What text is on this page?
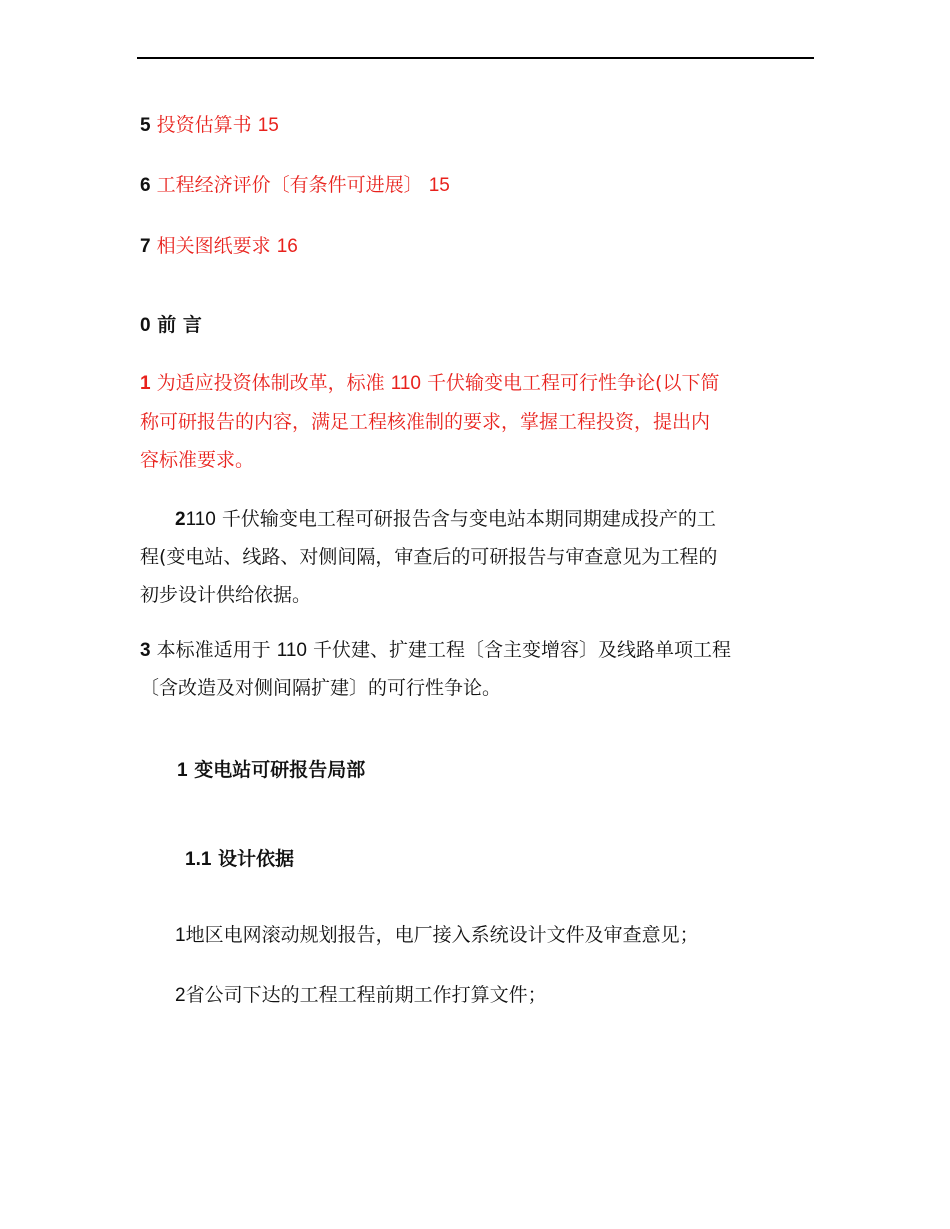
5 投资估算书 15
6 工程经济评价〔有条件可进展〕 15
7 相关图纸要求 16
0 前 言
1 为适应投资体制改革，标准 110 千伏输变电工程可行性争论(以下简
称可研报告的内容，满足工程核准制的要求，掌握工程投资，提出内
容标准要求。
2110 千伏输变电工程可研报告含与变电站本期同期建成投产的工
程(变电站、线路、对侧间隔，审查后的可研报告与审查意见为工程的
初步设计供给依据。
3 本标准适用于 110 千伏建、扩建工程〔含主变增容〕及线路单项工程
〔含改造及对侧间隔扩建〕的可行性争论。
1 变电站可研报告局部
1.1 设计依据
1地区电网滚动规划报告，电厂接入系统设计文件及审查意见；
2省公司下达的工程工程前期工作打算文件；
